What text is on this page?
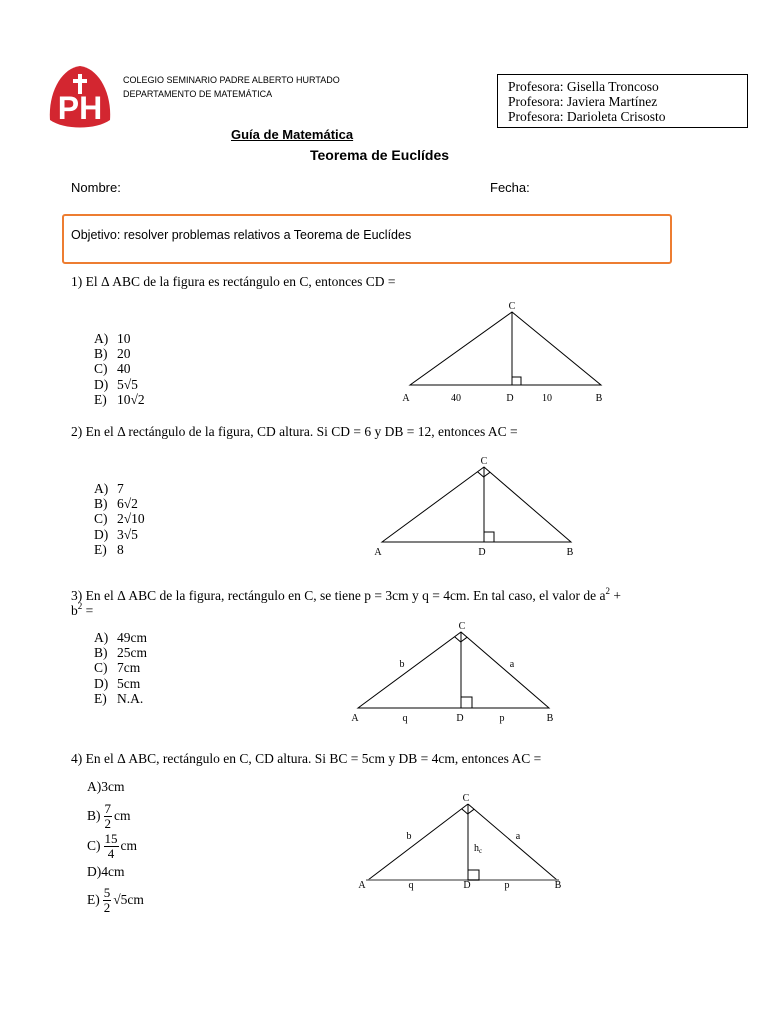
PH
COLEGIO SEMINARIO PADRE ALBERTO HURTADO
DEPARTAMENTO DE MATEMÁTICA	Profesora: Gisella Troncoso
Profesora: Javiera Martínez
Profesora: Darioleta Crisosto
Guía de Matemática
Teorema de Euclídes
Nombre:	Fecha:
Objetivo: resolver problemas relativos a Teorema de Euclídes
1) El Δ ABC de la figura es rectángulo en C, entonces CD =
A) 10
B) 20
C) 40
D) 5√5
E) 10√2
2) En el Δ rectángulo de la figura, CD altura. Si CD = 6 y DB = 12, entonces AC =
A) 7
B) 6√2
C) 2√10
D) 3√5
E) 8
3) En el Δ ABC de la figura, rectángulo en C, se tiene p = 3cm y q = 4cm. En tal caso, el valor de $a^2$ +
$b^2$ =
A) 49cm
B) 25cm
C) 7cm
D) 5cm
E) N.A.
4) En el Δ ABC, rectángulo en C, CD altura. Si BC = 5cm y DB = 4cm, entonces AC =
A) 3cm
$B) \frac{7}{2}$ cm
$C) \frac{15}{4}$ cm
D) 4cm
$E) \frac{5}{2} √5cm$
C
A	40	D	10	B
C
A	D	B
C
b	a
A	q	D	p	B
C
b	a
$h_c$
A	q	D	p	B
